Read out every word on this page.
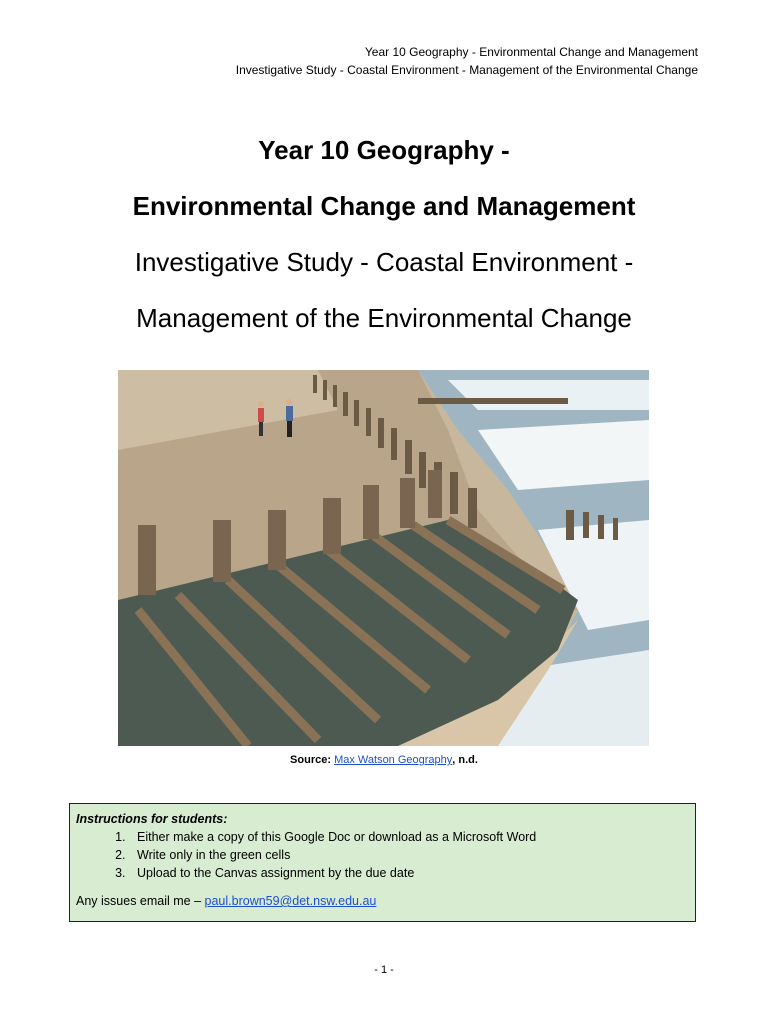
Year 10 Geography - Environmental Change and Management
Investigative Study - Coastal Environment - Management of the Environmental Change

Year 10 Geography -

Environmental Change and Management

Investigative Study - Coastal Environment -

Management of the Environmental Change

Source: Max Watson Geography, n.d.
Instructions for students:
1. Either make a copy of this Google Doc or download as a Microsoft Word
2. Write only in the green cells
3. Upload to the Canvas assignment by the due date
Any issues email me – paul.brown59@det.nsw.edu.au
- 1 -
